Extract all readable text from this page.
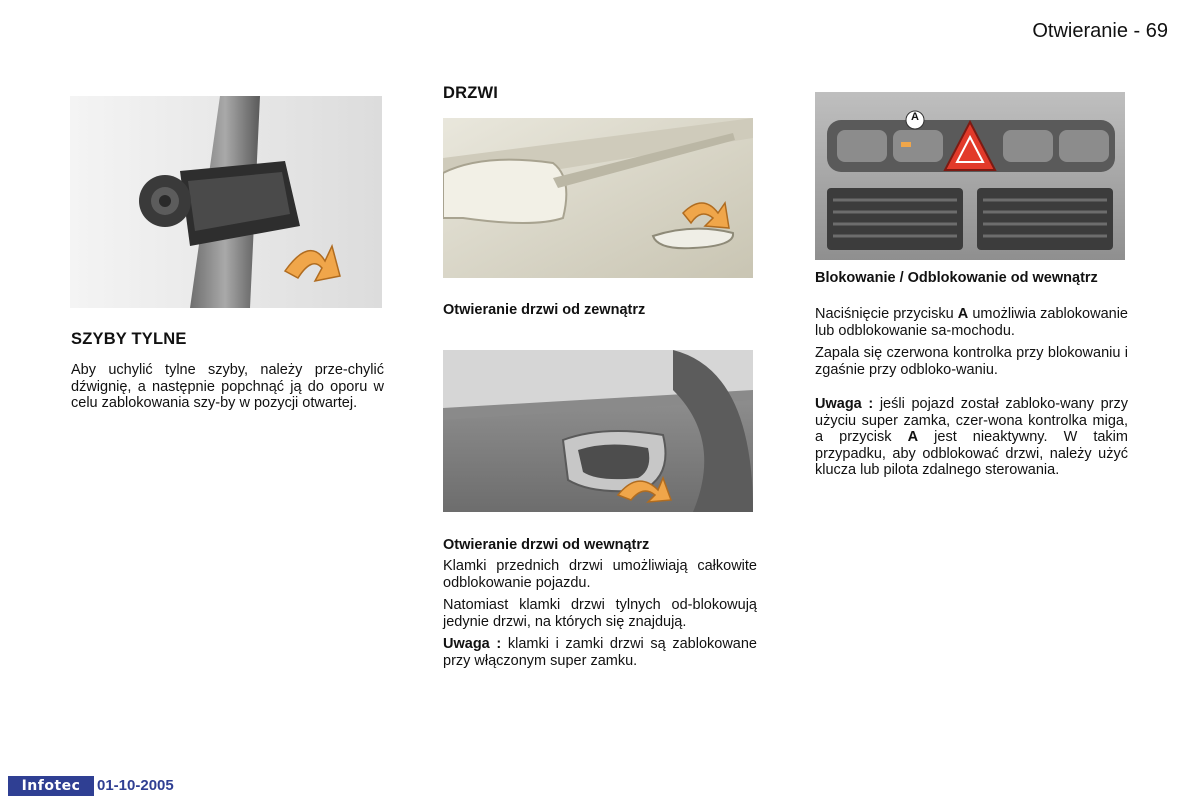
Otwieranie - 69
SZYBY TYLNE

Aby uchylić tylne szyby, należy prze-chylić dźwignię, a następnie popchnąć ją do oporu w celu zablokowania szy-by w pozycji otwartej.

DRZWI
Otwieranie drzwi od zewnątrz
Otwieranie drzwi od wewnątrz

Klamki przednich drzwi umożliwiają całkowite odblokowanie pojazdu.

Natomiast klamki drzwi tylnych od-blokowują jedynie drzwi, na których się znajdują.

Uwaga : klamki i zamki drzwi są zablokowane przy włączonym super zamku.

A
Blokowanie / Odblokowanie od wewnątrz

Naciśnięcie przycisku A umożliwia zablokowanie lub odblokowanie sa-mochodu.

Zapala się czerwona kontrolka przy blokowaniu i zgaśnie przy odbloko-waniu.

Uwaga : jeśli pojazd został zabloko-wany przy użyciu super zamka, czer-wona kontrolka miga, a przycisk A jest nieaktywny. W takim przypadku, aby odblokować drzwi, należy użyć klucza lub pilota zdalnego sterowania.

Infotec	01-10-2005
